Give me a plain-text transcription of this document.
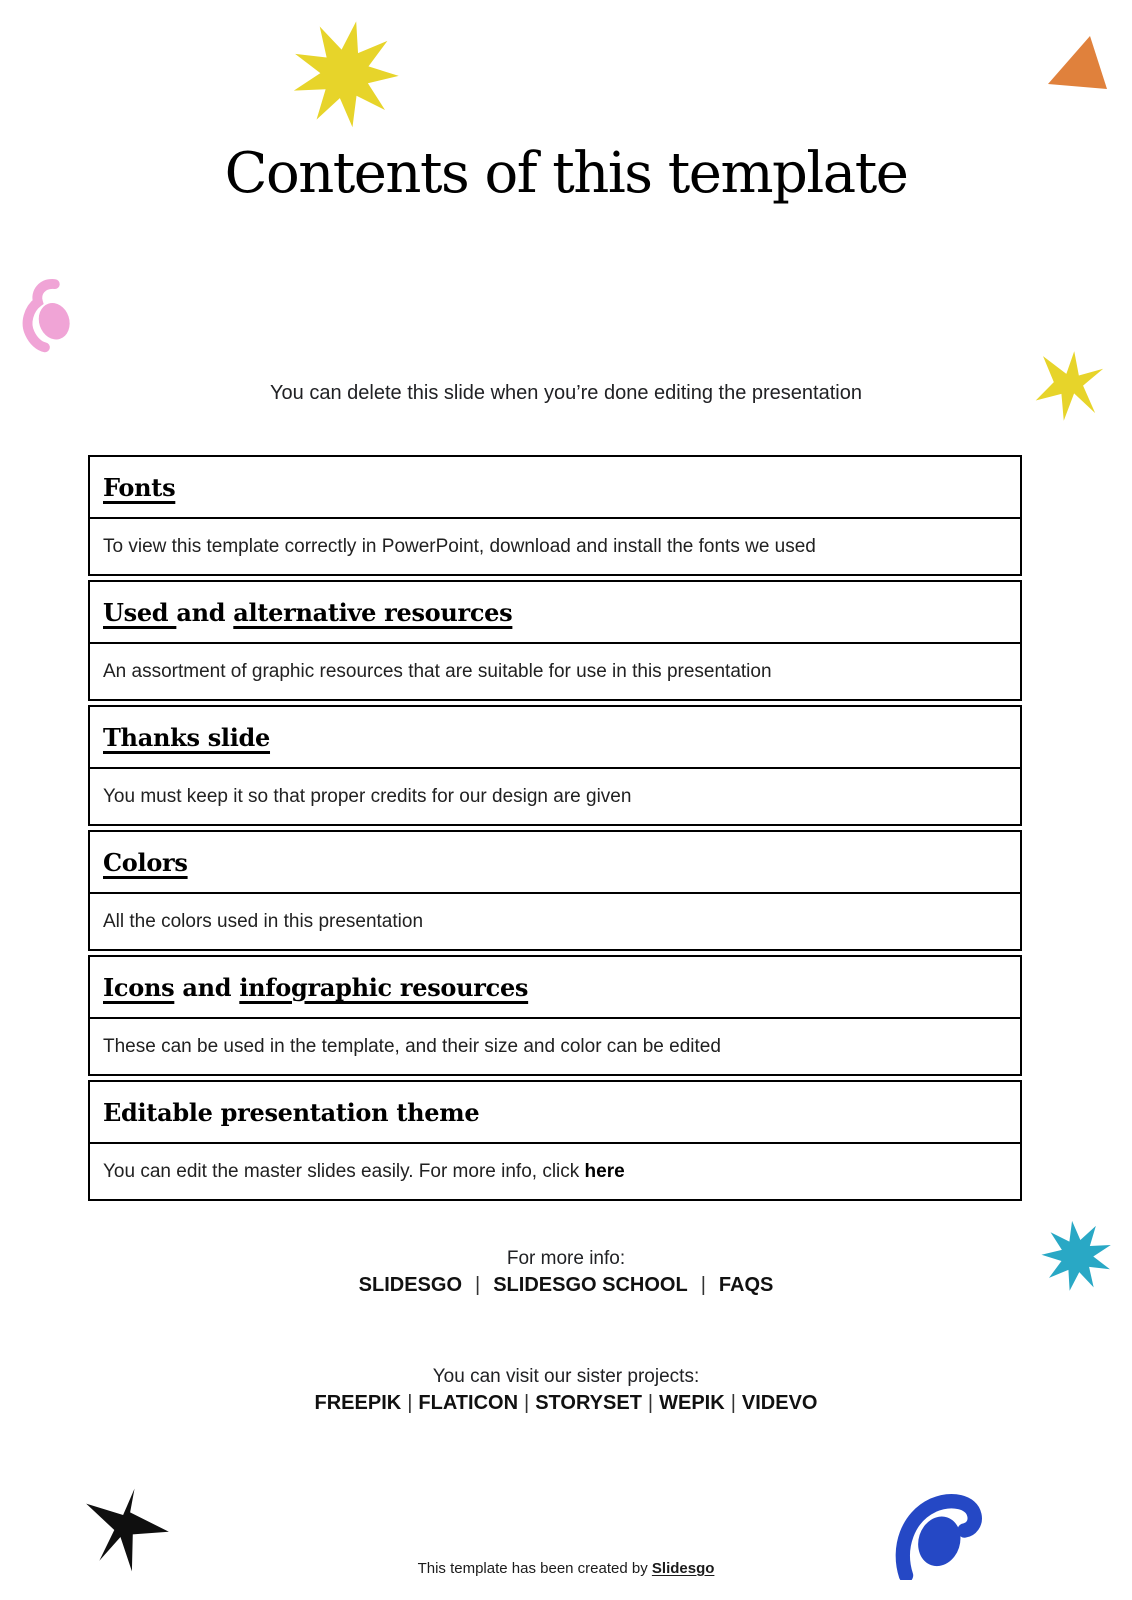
Contents of this template
You can delete this slide when you’re done editing the presentation
Fonts
To view this template correctly in PowerPoint, download and install the fonts we used
Used and alternative resources
An assortment of graphic resources that are suitable for use in this presentation
Thanks slide
You must keep it so that proper credits for our design are given
Colors
All the colors used in this presentation
Icons and infographic resources
These can be used in the template, and their size and color can be edited
Editable presentation theme
You can edit the master slides easily. For more info, click here
For more info:
SLIDESGO | SLIDESGO SCHOOL | FAQS
You can visit our sister projects:
FREEPIK | FLATICON | STORYSET | WEPIK | VIDEVO
This template has been created by Slidesgo
